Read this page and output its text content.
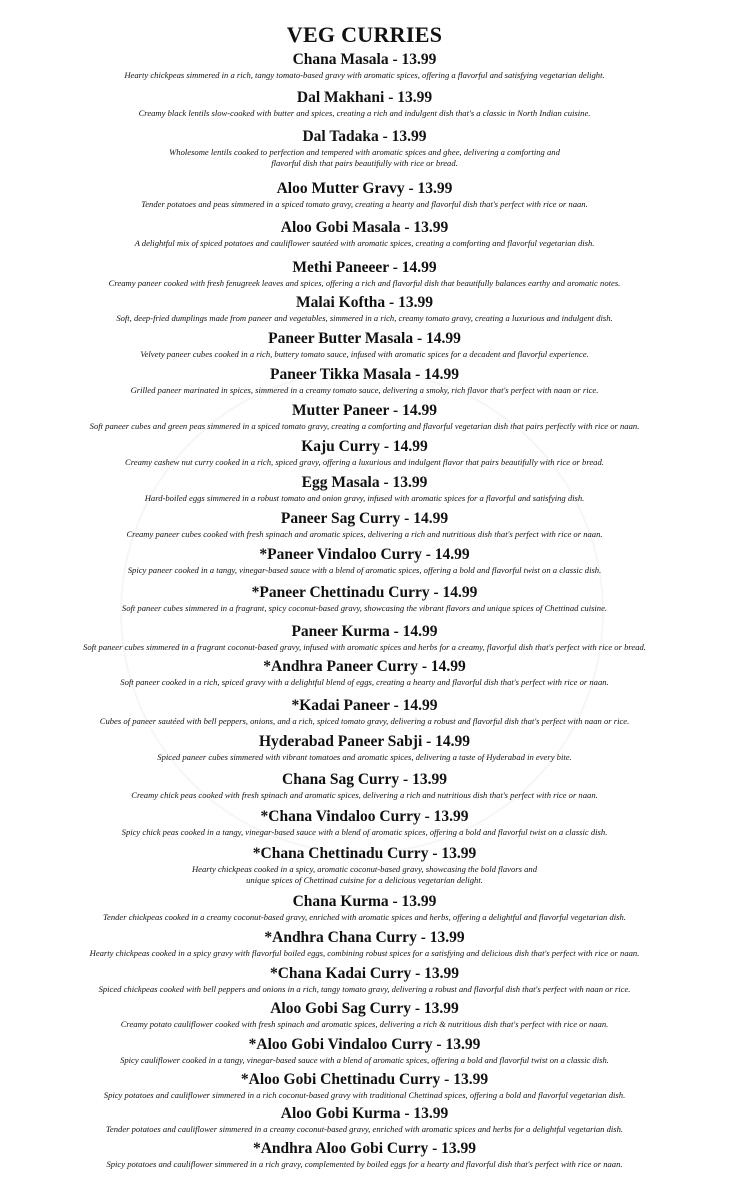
VEG CURRIES
Chana Masala - 13.99
Hearty chickpeas simmered in a rich, tangy tomato-based gravy with aromatic spices, offering a flavorful and satisfying vegetarian delight.
Dal Makhani - 13.99
Creamy black lentils slow-cooked with butter and spices, creating a rich and indulgent dish that's a classic in North Indian cuisine.
Dal Tadaka - 13.99
Wholesome lentils cooked to perfection and tempered with aromatic spices and ghee, delivering a comforting and
flavorful dish that pairs beautifully with rice or bread.
Aloo Mutter Gravy - 13.99
Tender potatoes and peas simmered in a spiced tomato gravy, creating a hearty and flavorful dish that's perfect with rice or naan.
Aloo Gobi Masala - 13.99
A delightful mix of spiced potatoes and cauliflower sautéed with aromatic spices, creating a comforting and flavorful vegetarian dish.
Methi Paneeer - 14.99
Creamy paneer cooked with fresh fenugreek leaves and spices, offering a rich and flavorful dish that beautifully balances earthy and aromatic notes.
Malai Koftha - 13.99
Soft, deep-fried dumplings made from paneer and vegetables, simmered in a rich, creamy tomato gravy, creating a luxurious and indulgent dish.
Paneer Butter Masala - 14.99
Velvety paneer cubes cooked in a rich, buttery tomato sauce, infused with aromatic spices for a decadent and flavorful experience.
Paneer Tikka Masala - 14.99
Grilled paneer marinated in spices, simmered in a creamy tomato sauce, delivering a smoky, rich flavor that's perfect with naan or rice.
Mutter Paneer - 14.99
Soft paneer cubes and green peas simmered in a spiced tomato gravy, creating a comforting and flavorful vegetarian dish that pairs perfectly with rice or naan.
Kaju Curry - 14.99
Creamy cashew nut curry cooked in a rich, spiced gravy, offering a luxurious and indulgent flavor that pairs beautifully with rice or bread.
Egg Masala - 13.99
Hard-boiled eggs simmered in a robust tomato and onion gravy, infused with aromatic spices for a flavorful and satisfying dish.
Paneer Sag Curry - 14.99
Creamy paneer cubes cooked with fresh spinach and aromatic spices, delivering a rich and nutritious dish that's perfect with rice or naan.
*Paneer Vindaloo Curry - 14.99
Spicy paneer cooked in a tangy, vinegar-based sauce with a blend of aromatic spices, offering a bold and flavorful twist on a classic dish.
*Paneer Chettinadu Curry - 14.99
Soft paneer cubes simmered in a fragrant, spicy coconut-based gravy, showcasing the vibrant flavors and unique spices of Chettinad cuisine.
Paneer Kurma - 14.99
Soft paneer cubes simmered in a fragrant coconut-based gravy, infused with aromatic spices and herbs for a creamy, flavorful dish that's perfect with rice or bread.
*Andhra Paneer Curry - 14.99
Soft paneer cooked in a rich, spiced gravy with a delightful blend of eggs, creating a hearty and flavorful dish that's perfect with rice or naan.
*Kadai Paneer - 14.99
Cubes of paneer sautéed with bell peppers, onions, and a rich, spiced tomato gravy, delivering a robust and flavorful dish that's perfect with naan or rice.
Hyderabad Paneer Sabji - 14.99
Spiced paneer cubes simmered with vibrant tomatoes and aromatic spices, delivering a taste of Hyderabad in every bite.
Chana Sag Curry - 13.99
Creamy chick peas cooked with fresh spinach and aromatic spices, delivering a rich and nutritious dish that's perfect with rice or naan.
*Chana Vindaloo Curry - 13.99
Spicy chick peas cooked in a tangy, vinegar-based sauce with a blend of aromatic spices, offering a bold and flavorful twist on a classic dish.
*Chana Chettinadu Curry - 13.99
Hearty chickpeas cooked in a spicy, aromatic coconut-based gravy, showcasing the bold flavors and
unique spices of Chettinad cuisine for a delicious vegetarian delight.
Chana Kurma - 13.99
Tender chickpeas cooked in a creamy coconut-based gravy, enriched with aromatic spices and herbs, offering a delightful and flavorful vegetarian dish.
*Andhra Chana Curry - 13.99
Hearty chickpeas cooked in a spicy gravy with flavorful boiled eggs, combining robust spices for a satisfying and delicious dish that's perfect with rice or naan.
*Chana Kadai Curry - 13.99
Spiced chickpeas cooked with bell peppers and onions in a rich, tangy tomato gravy, delivering a robust and flavorful dish that's perfect with naan or rice.
Aloo Gobi Sag Curry - 13.99
Creamy potato cauliflower cooked with fresh spinach and aromatic spices, delivering a rich & nutritious dish that's perfect with rice or naan.
*Aloo Gobi Vindaloo Curry - 13.99
Spicy cauliflower cooked in a tangy, vinegar-based sauce with a blend of aromatic spices, offering a bold and flavorful twist on a classic dish.
*Aloo Gobi Chettinadu Curry - 13.99
Spicy potatoes and cauliflower simmered in a rich coconut-based gravy with traditional Chettinad spices, offering a bold and flavorful vegetarian dish.
Aloo Gobi Kurma - 13.99
Tender potatoes and cauliflower simmered in a creamy coconut-based gravy, enriched with aromatic spices and herbs for a delightful vegetarian dish.
*Andhra Aloo Gobi Curry - 13.99
Spicy potatoes and cauliflower simmered in a rich gravy, complemented by boiled eggs for a hearty and flavorful dish that's perfect with rice or naan.
